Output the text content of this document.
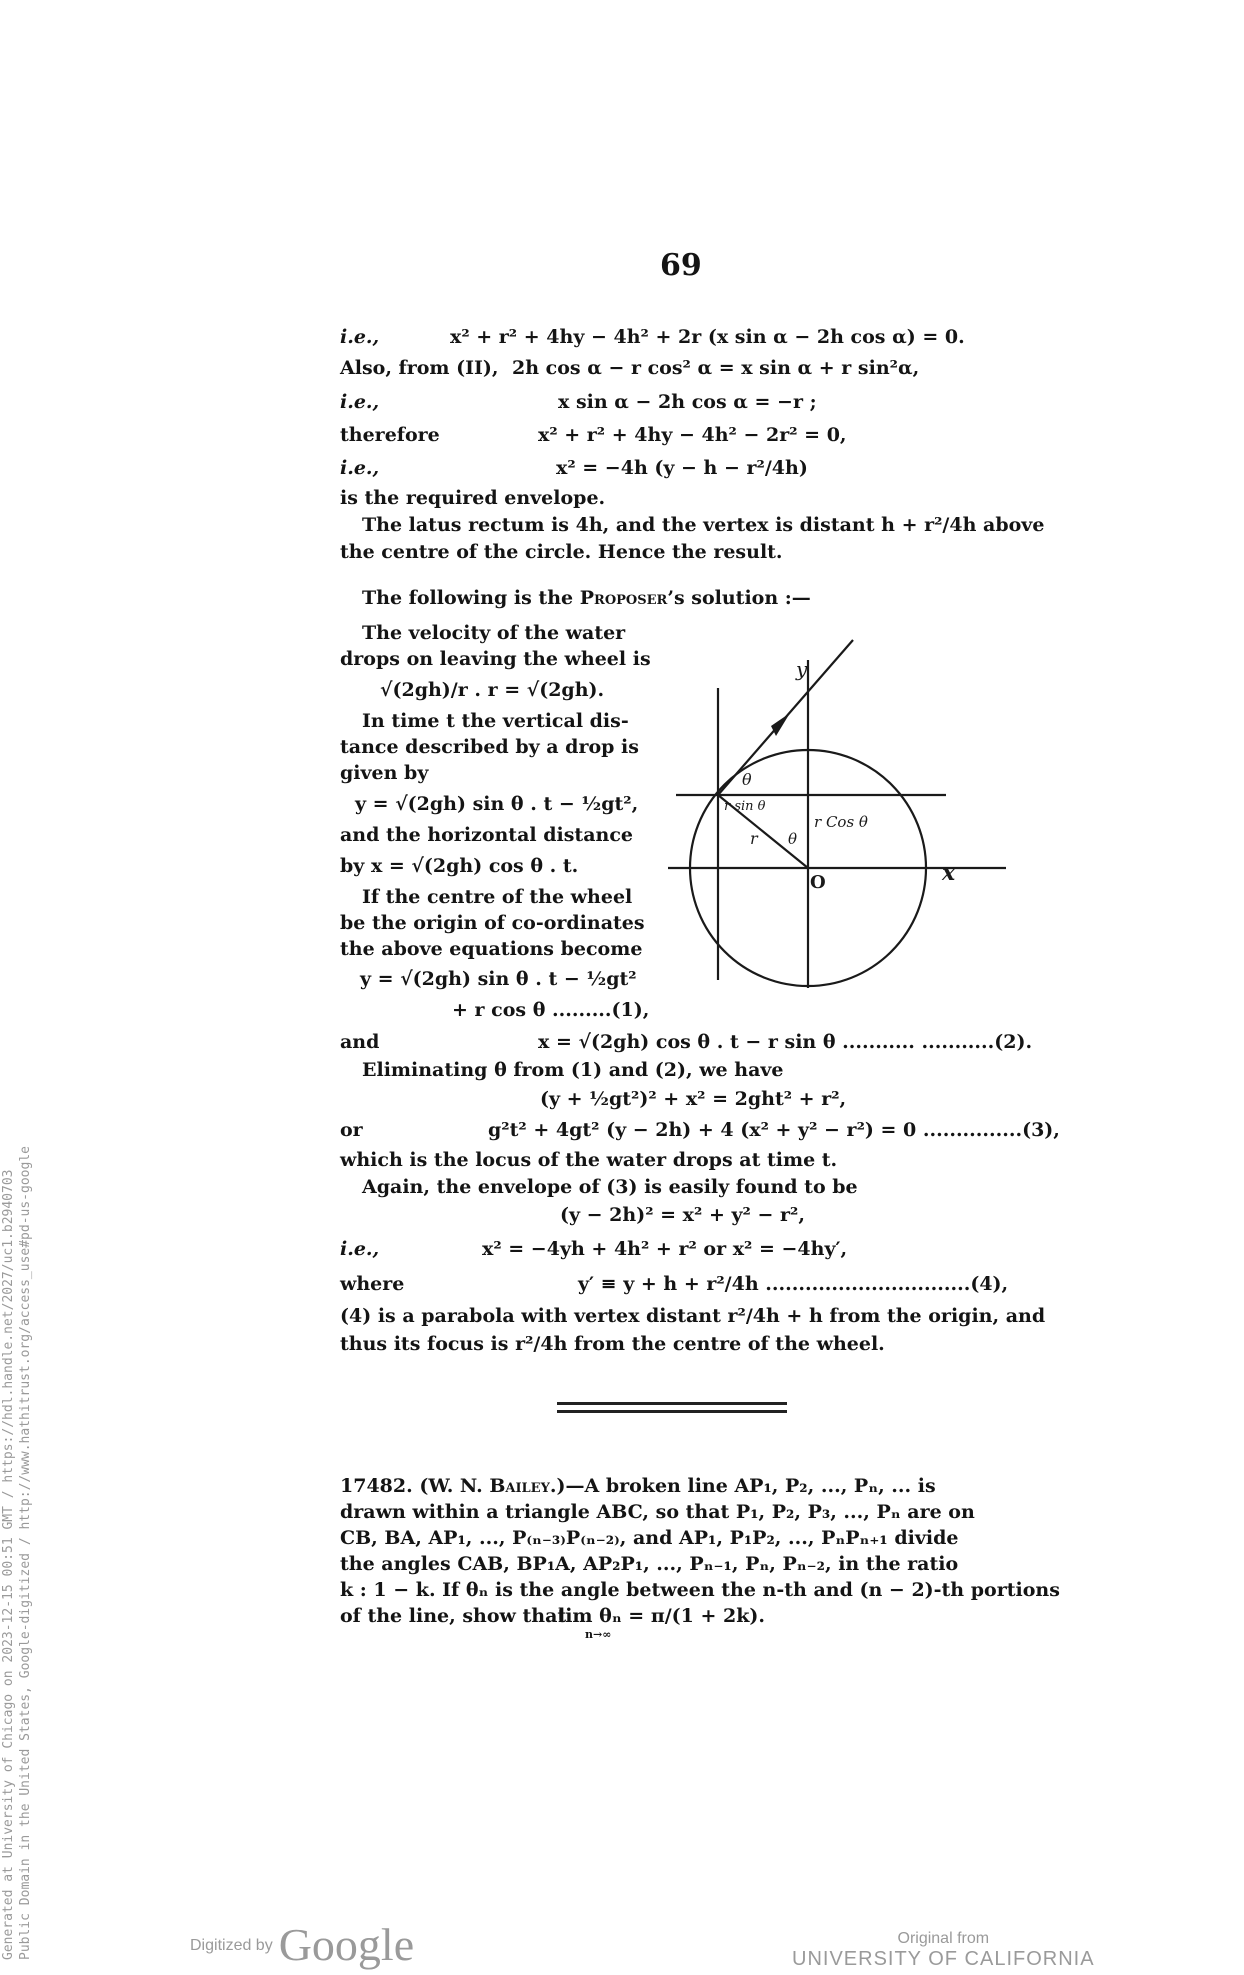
69
i.e.,	x² + r² + 4hy − 4h² + 2r (x sin α − 2h cos α) = 0.
Also, from (II), 2h cos α − r cos² α = x sin α + r sin²α,
i.e.,	x sin α − 2h cos α = −r ;
therefore	x² + r² + 4hy − 4h² − 2r² = 0,
i.e.,	x² = −4h (y − h − r²/4h)
is the required envelope.
The latus rectum is 4h, and the vertex is distant h + r²/4h above
the centre of the circle. Hence the result.
The following is the Proposer’s solution :—
The velocity of the water
drops on leaving the wheel is
√(2gh)/r . r = √(2gh).
In time t the vertical dis-
tance described by a drop is
given by
y = √(2gh) sin θ . t − ½gt²,
and the horizontal distance
by x = √(2gh) cos θ . t.
If the centre of the wheel
be the origin of co-ordinates
the above equations become
y = √(2gh) sin θ . t − ½gt²
+ r cos θ .........(1),
and	x = √(2gh) cos θ . t − r sin θ ........... ...........(2).
Eliminating θ from (1) and (2), we have
(y + ½gt²)² + x² = 2ght² + r²,
or	g²t² + 4gt² (y − 2h) + 4 (x² + y² − r²) = 0 ...............(3),
which is the locus of the water drops at time t.
Again, the envelope of (3) is easily found to be
(y − 2h)² = x² + y² − r²,
i.e.,	x² = −4yh + 4h² + r² or x² = −4hy′,
where	y′ ≡ y + h + r²/4h ...............................(4),
(4) is a parabola with vertex distant r²/4h + h from the origin, and
thus its focus is r²/4h from the centre of the wheel.
17482. (W. N. Bailey.)—A broken line AP₁, P₂, ..., Pₙ, ... is
drawn within a triangle ABC, so that P₁, P₂, P₃, ..., Pₙ are on
CB, BA, AP₁, ..., P₍ₙ₋₃₎P₍ₙ₋₂₎, and AP₁, P₁P₂, ..., PₙPₙ₊₁ divide
the angles CAB, BP₁A, AP₂P₁, ..., Pₙ₋₁, Pₙ, Pₙ₋₂, in the ratio
k : 1 − k. If θₙ is the angle between the n-th and (n − 2)-th portions
of the line, show that
lim θₙ = π/(1 + 2k).
n→∞
y
θ
r sin θ
r Cos θ
r θ
O	x
Generated at University of Chicago on 2023-12-15 00:51 GMT / https://hdl.handle.net/2027/uc1.b2940703 Public Domain in the United States, Google-digitized / http://www.hathitrust.org/access_use#pd-us-google	Digitized by Google	Original from
UNIVERSITY OF CALIFORNIA
